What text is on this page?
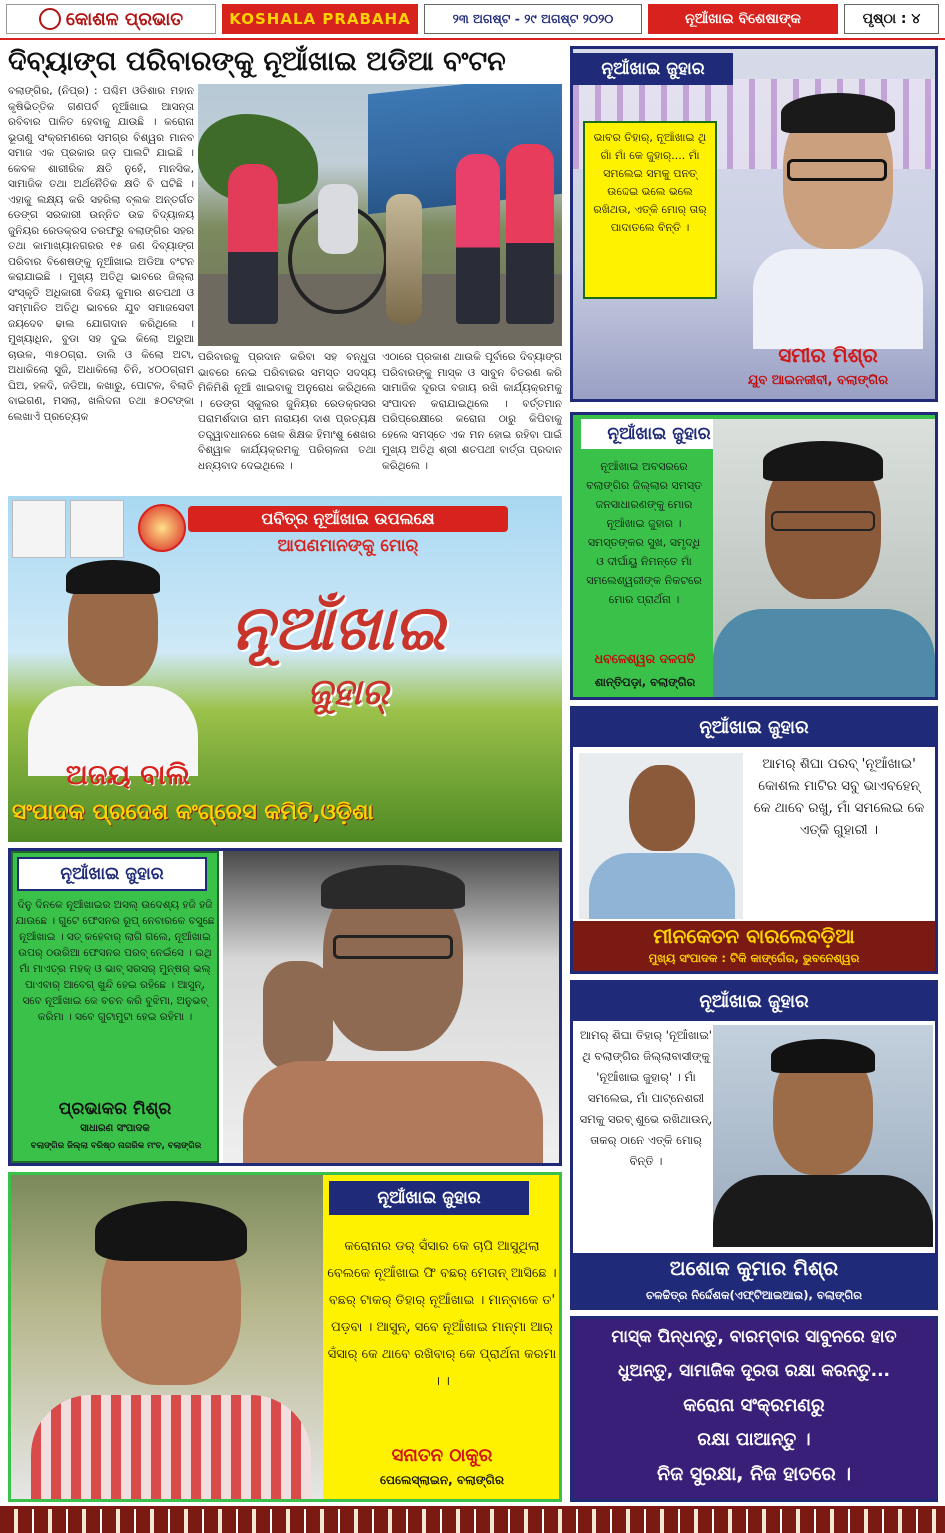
କୋଶଳ ପ୍ରଭାତ	KOSHALA PRABAHA	୨୩ ଅଗଷ୍ଟ - ୨୯ ଅଗଷ୍ଟ ୨୦୨୦	ନୂଆଁଖାଇ ବିଶେଷାଙ୍କ	ପୃଷ୍ଠା : ୪
ଦିବ୍ୟାଙ୍ଗ ପରିବାରଙ୍କୁ ନୂଆଁଖାଇ ଅଡିଆ ବଂଟନ
ବଲାଙ୍ଗିର, (ନିପ୍ର) : ପଶ୍ଚିମ ଓଡିଶାର ମହାନ କୃଷିଭିତ୍ତିକ ଗଣପର୍ବ ନୂଆଁଖାଇ ଆସନ୍ତା ରବିବାର ପାଳିତ ହେବାକୁ ଯାଉଛି । କରୋନା ଭୂତାଣୁ ସଂକ୍ରମଣରେ ସମଗ୍ର ବିଶ୍ୱର ମାନବ ସମାଜ ଏକ ପ୍ରକାର ଜଡ଼ ପାଲଟି ଯାଇଛି । କେବଳ ଶାରୀରିକ କ୍ଷତି ନୁହେଁ, ମାନସିକ, ସାମାଜିକ ତଥା ଅର୍ଥନୈତିକ କ୍ଷତି ବି ଘଟିଛି । ଏହାକୁ ଲକ୍ଷ୍ୟ କରି ସହରିଲା ବ୍ଲକ ଅନ୍ତର୍ଗତ ଡେଙ୍ଗ ସରକାରୀ ଉନ୍ନିତ ଉଚ୍ଚ ବିଦ୍ୟାଳୟ ଜୁନିୟର ରେଡକ୍ରସ ତରଫରୁ ବଲାଙ୍ଗିର ସହର ତଥା କାମାଖ୍ୟାନଗରର ୧୫ ଜଣ ଦିବ୍ୟାଙ୍ଗ ପରିବାର ବିଶେଷଙ୍କୁ ନୂଆଁଖାଇ ଅଡିଆ ବଂଟନ କରାଯାଇଛି । ମୁଖ୍ୟ ଅତିଥି ଭାବରେ ଜିଲ୍ଲା ସଂସ୍କୃତି ଅଧିକାରୀ ବିଜୟ କୁମାର ଶତପଥୀ ଓ ସମ୍ମାନିତ ଅତିଥି ଭାବରେ ଯୁବ ସମାଜସେବୀ ଜୟଦେବ ଢାଲ ଯୋଗଦାନ କରିଥିଲେ । ମୁଖ୍ୟାଧିନ, ବୁଡା ସହ ଦୁଇ କିଲୋ ଅରୁଆ ଚାଉଳ, ୩୫୦ଗ୍ରା. ଡାଲି ଓ କିଲୋ ଅଟା, ଅଧାକିଲୋ ସୁଜି, ଅଧାକିଲୋ ଚିନି, ୪୦୦ଗ୍ରାମ ଘିଅ, ହଳଦି, ଜଡିଆ, କଖାରୁ, ପୋଟଳ, ବିଲାତି ବାଇଗଣ, ମସଲା, ଖଲିଦନା ତଥା ୫୦ଟଙ୍କା ଲେଖାଏଁ ପ୍ରତ୍ୟେକ
ପରିବାରକୁ ପ୍ରଦାନ କରିବା ସହ ବନ୍ଧୁତା ଭାବରେ ନେଇ ପରିବାରର ସମସ୍ତ ସଦସ୍ୟ ମିଳିମିଶି ନୂଆଁ ଖାଇବାକୁ ଅନୁରୋଧ କରିଥିଲେ । ଡେଙ୍ଗ ସ୍କୁଲର ଜୁନିୟର ରେଡକ୍ରସର ପରାମର୍ଶଦାତା ରାମ ନାରାୟଣ ଦାଶ ପ୍ରତ୍ୟକ୍ଷ ତତ୍ତ୍ୱାବଧାନରେ ଖେଳ ଶିକ୍ଷକ ହିମାଂଶୁ ଶେଖର ବିଶ୍ୱାଳ କାର୍ଯ୍ୟକ୍ରମକୁ ପରିଚାଳନା ତଥା ଧନ୍ୟବାଦ ଦେଇଥିଲେ ।
ଏଠାରେ ପ୍ରକାଶ ଥାଉକି ପୂର୍ବାରେ ଦିବ୍ୟାଙ୍ଗ ପରିବାରଙ୍କୁ ମାସ୍କ ଓ ସାବୁନ ବିତରଣ କରି ସାମାଜିକ ଦୂରତା ବଜାୟ ରଖି କାର୍ଯ୍ୟକ୍ରମକୁ ସଂପାଦନ କରାଯାଇଥିଲେ । ବର୍ତ୍ତମାନ ପରିପ୍ରେକ୍ଷୀରେ କରୋନା ଠାରୁ କିପିବାକୁ ହେଲେ ସମସ୍ତେ ଏକ ମନ ହୋଇ ରହିବା ପାଇଁ ମୁଖ୍ୟ ଅତିଥି ଶ୍ରୀ ଶତପଥୀ ବାର୍ତ୍ତା ପ୍ରଦାନ କରିଥିଲେ ।
ନୂଆଁଖାଇ ଜୁହାର
ଭାବର ତିହାର୍, ନୂଆଁଖାଇ ଥି ଗାଁ ମାଁ କେ ଜୁହାର୍.... ମାଁ ସମଲେଇ ସମକୁ ପନତ୍ ଉଦ୍ଦେଇ ଭଲେ ଭଲେ ରଖିଥଉ, ଏତ୍କି ମୋର୍ ତାର୍ ପାଦାତଲେ ବିନ୍ତି ।
ସମୀର ମିଶ୍ର
ଯୁବ ଆଇନଜୀବୀ, ବଲାଙ୍ଗିର
ନୂଆଁଖାଇ ଜୁହାର
ନୂଆଁଖାଇ ଅବସରରେ ବଲାଙ୍ଗିର ଜିଲ୍ଲାର ସମସ୍ତ ଜନସାଧାରଣଙ୍କୁ ମୋର ନୂଆଁଖାଇ ଜୁହାର । ସମସ୍ତଙ୍କର ସୁଖ, ସମୃଦ୍ଧି ଓ ଦୀର୍ଘାୟୁ ନିମନ୍ତେ ମାଁ ସମଲେଶ୍ୱରୀଙ୍କ ନିକଟରେ ମୋର ପ୍ରାର୍ଥନା ।
ଧବଳେଶ୍ୱର ଦଳପତି
ଶାନ୍ତିପଡ଼ା, ବଲାଙ୍ଗିର
ପବିତ୍ର ନୂଆଁଖାଇ ଉପଲକ୍ଷେ
ଆପଣମାନଙ୍କୁ ମୋର୍
ନୂଆଁଖାଇ
ଜୁହାର୍
ଅଜୟ ବାଲି
ସଂପାଦକ ପ୍ରଦେଶ କଂଗ୍ରେସ କମିଟି,ଓଡ଼ିଶା
ନୂଆଁଖାଇ ଜୁହାର
ଆମର୍ ଶିଘା ପରବ୍ 'ନୂଆଁଖାଇ' କୋଶଲ ମାଟିର ସବୁ ଭାଏବହେନ୍ କେ ଥାବେ ରଖୁ, ମାଁ ସମଲେଇ କେ ଏତ୍କି ଗୁହାରୀ ।
ମୀନକେତନ ବାରଲେବଡ଼ିଆ
ମୁଖ୍ୟ ସଂପାଦକ : ଟିକି କାଙ୍ଗେଁର, ଭୁବନେଶ୍ୱର
ନୂଆଁଖାଇ ଜୁହାର
ଦିନୁ ଦିନକେ ନୂଆଁଖାଇର ଅସଲ୍ ଉଦେଶ୍ୟ ହଜି ହଜି ଯାଉଛେ । ଗୁଟେ ଫେସନର ରୂପ୍ ନେବାରକେ ବସୁଛେ ନୂଆଁଖାଇ । ସତ୍ କହେବାର୍ ଲାଗି ଗଲେ, ନୂଆଁଖାଇ ଉପର୍ ଠଉରିଆ ଫେସନର ପରବ୍ ନେଇଁସେ । ଇଥି ମାଁ ମାଏତ୍ର ମହକ୍ ଓ ଭାବ୍ ସରସର୍ ମୁନ୍ଷର୍ ଭଲ୍ ପାଏବାର୍ ଆବେଗ୍ ଖୁନ୍ଦି ହେଇ ରହିଛେ । ଆସୁନ୍, ସବେ ନୂଆଁଖାଇ କେ ବଚନ କରି ବୁଝିମା, ଅନୁଭବ୍ କରିମା । ସବେ ଗୁଟାମୁଟା ହେଇ ରହିମା ।
ପ୍ରଭାକର ମିଶ୍ର
ସାଧାରଣ ସଂପାଦକ
ବଲାଙ୍ଗିର ଜିଲ୍ଲା ବରିଷ୍ଠ ନାଗରିକ ମଂଚ, ବଲାଙ୍ଗିର
ନୂଆଁଖାଇ ଜୁହାର
ଆମର୍ ଶିଘା ତିହାର୍ 'ନୂଆଁଖାଇ' ଥି ବଲାଙ୍ଗିର ଜିଲ୍ଲାବାସୀଙ୍କୁ 'ନୂଆଁଖାଇ ଜୁହାର୍' । ମାଁ ସମଲେଇ, ମାଁ ପାଟ୍ନେଶରୀ ସମକୁ ସରବ୍ ଶୁଭେ ରଖିଥାଉନ୍, ତାକର୍ ଠାନେ ଏତ୍କି ମୋର୍ ବିନ୍ତି ।
ଅଶୋକ କୁମାର ମିଶ୍ର
ଚଳଚ୍ଚିତ୍ର ନିର୍ଦ୍ଦେଶକ(ଏଫ୍‌ଟିଆଇଆଇ), ବଲାଙ୍ଗିର
ନୂଆଁଖାଇ ଜୁହାର
କରୋନାର ଡର୍ ସଁସାର କେ ଚାପି ଆସୁଥିଲା ବେଲକେ ନୂଆଁଖାଇ ଫି ବଛର୍ ମେତାନ୍ ଆସିଛେ । ବଛର୍ ଟାକର୍ ତିହାର୍ ନୂଆଁଖାଇ । ମାନ୍‌ବାକେ ତ' ପଡ଼ବା । ଆସୁନ୍, ସବେ ନୂଆଁଖାଇ ମାନ୍‌ମା ଆର୍ ସଁସାର୍ କେ ଥାବେ ରଖିବାର୍ କେ ପ୍ରାର୍ଥନା କରମା । ।
ସନାତନ ଠାକୁର
ପେଲେସ୍‌ଲାଇନ, ବଲାଙ୍ଗିର
ମାସ୍କ ପିନ୍ଧନ୍ତୁ, ବାରମ୍ବାର ସାବୁନରେ ହାତ
ଧୁଅନ୍ତୁ, ସାମାଜିକ ଦୂରତା ରକ୍ଷା କରନ୍ତୁ...
କରୋନା ସଂକ୍ରମଣରୁ
ରକ୍ଷା ପାଆନ୍ତୁ ।
ନିଜ ସୁରକ୍ଷା, ନିଜ ହାତରେ ।
